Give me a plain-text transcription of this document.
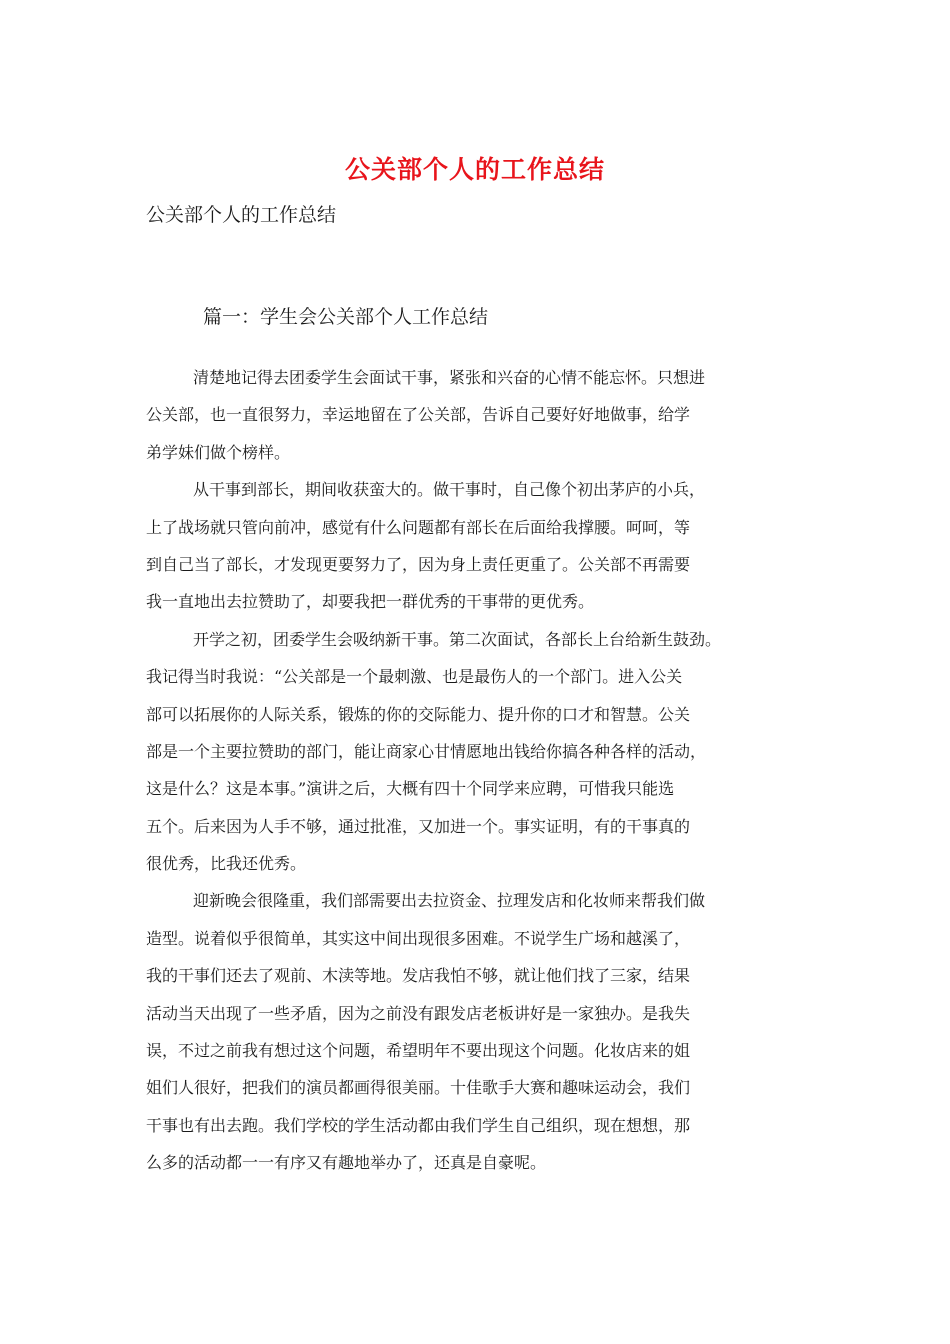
公关部个人的工作总结
公关部个人的工作总结
篇一：学生会公关部个人工作总结
清楚地记得去团委学生会面试干事，紧张和兴奋的心情不能忘怀。只想进
公关部，也一直很努力，幸运地留在了公关部，告诉自己要好好地做事，给学
弟学妹们做个榜样。
从干事到部长，期间收获蛮大的。做干事时，自己像个初出茅庐的小兵，
上了战场就只管向前冲，感觉有什么问题都有部长在后面给我撑腰。呵呵，等
到自己当了部长，才发现更要努力了，因为身上责任更重了。公关部不再需要
我一直地出去拉赞助了，却要我把一群优秀的干事带的更优秀。
开学之初，团委学生会吸纳新干事。第二次面试，各部长上台给新生鼓劲。
我记得当时我说：“公关部是一个最刺激、也是最伤人的一个部门。进入公关
部可以拓展你的人际关系，锻炼的你的交际能力、提升你的口才和智慧。公关
部是一个主要拉赞助的部门，能让商家心甘情愿地出钱给你搞各种各样的活动，
这是什么？这是本事。”演讲之后，大概有四十个同学来应聘，可惜我只能选
五个。后来因为人手不够，通过批准，又加进一个。事实证明，有的干事真的
很优秀，比我还优秀。
迎新晚会很隆重，我们部需要出去拉资金、拉理发店和化妆师来帮我们做
造型。说着似乎很简单，其实这中间出现很多困难。不说学生广场和越溪了，
我的干事们还去了观前、木渎等地。发店我怕不够，就让他们找了三家，结果
活动当天出现了一些矛盾，因为之前没有跟发店老板讲好是一家独办。是我失
误，不过之前我有想过这个问题，希望明年不要出现这个问题。化妆店来的姐
姐们人很好，把我们的演员都画得很美丽。十佳歌手大赛和趣味运动会，我们
干事也有出去跑。我们学校的学生活动都由我们学生自己组织，现在想想，那
么多的活动都一一有序又有趣地举办了，还真是自豪呢。
